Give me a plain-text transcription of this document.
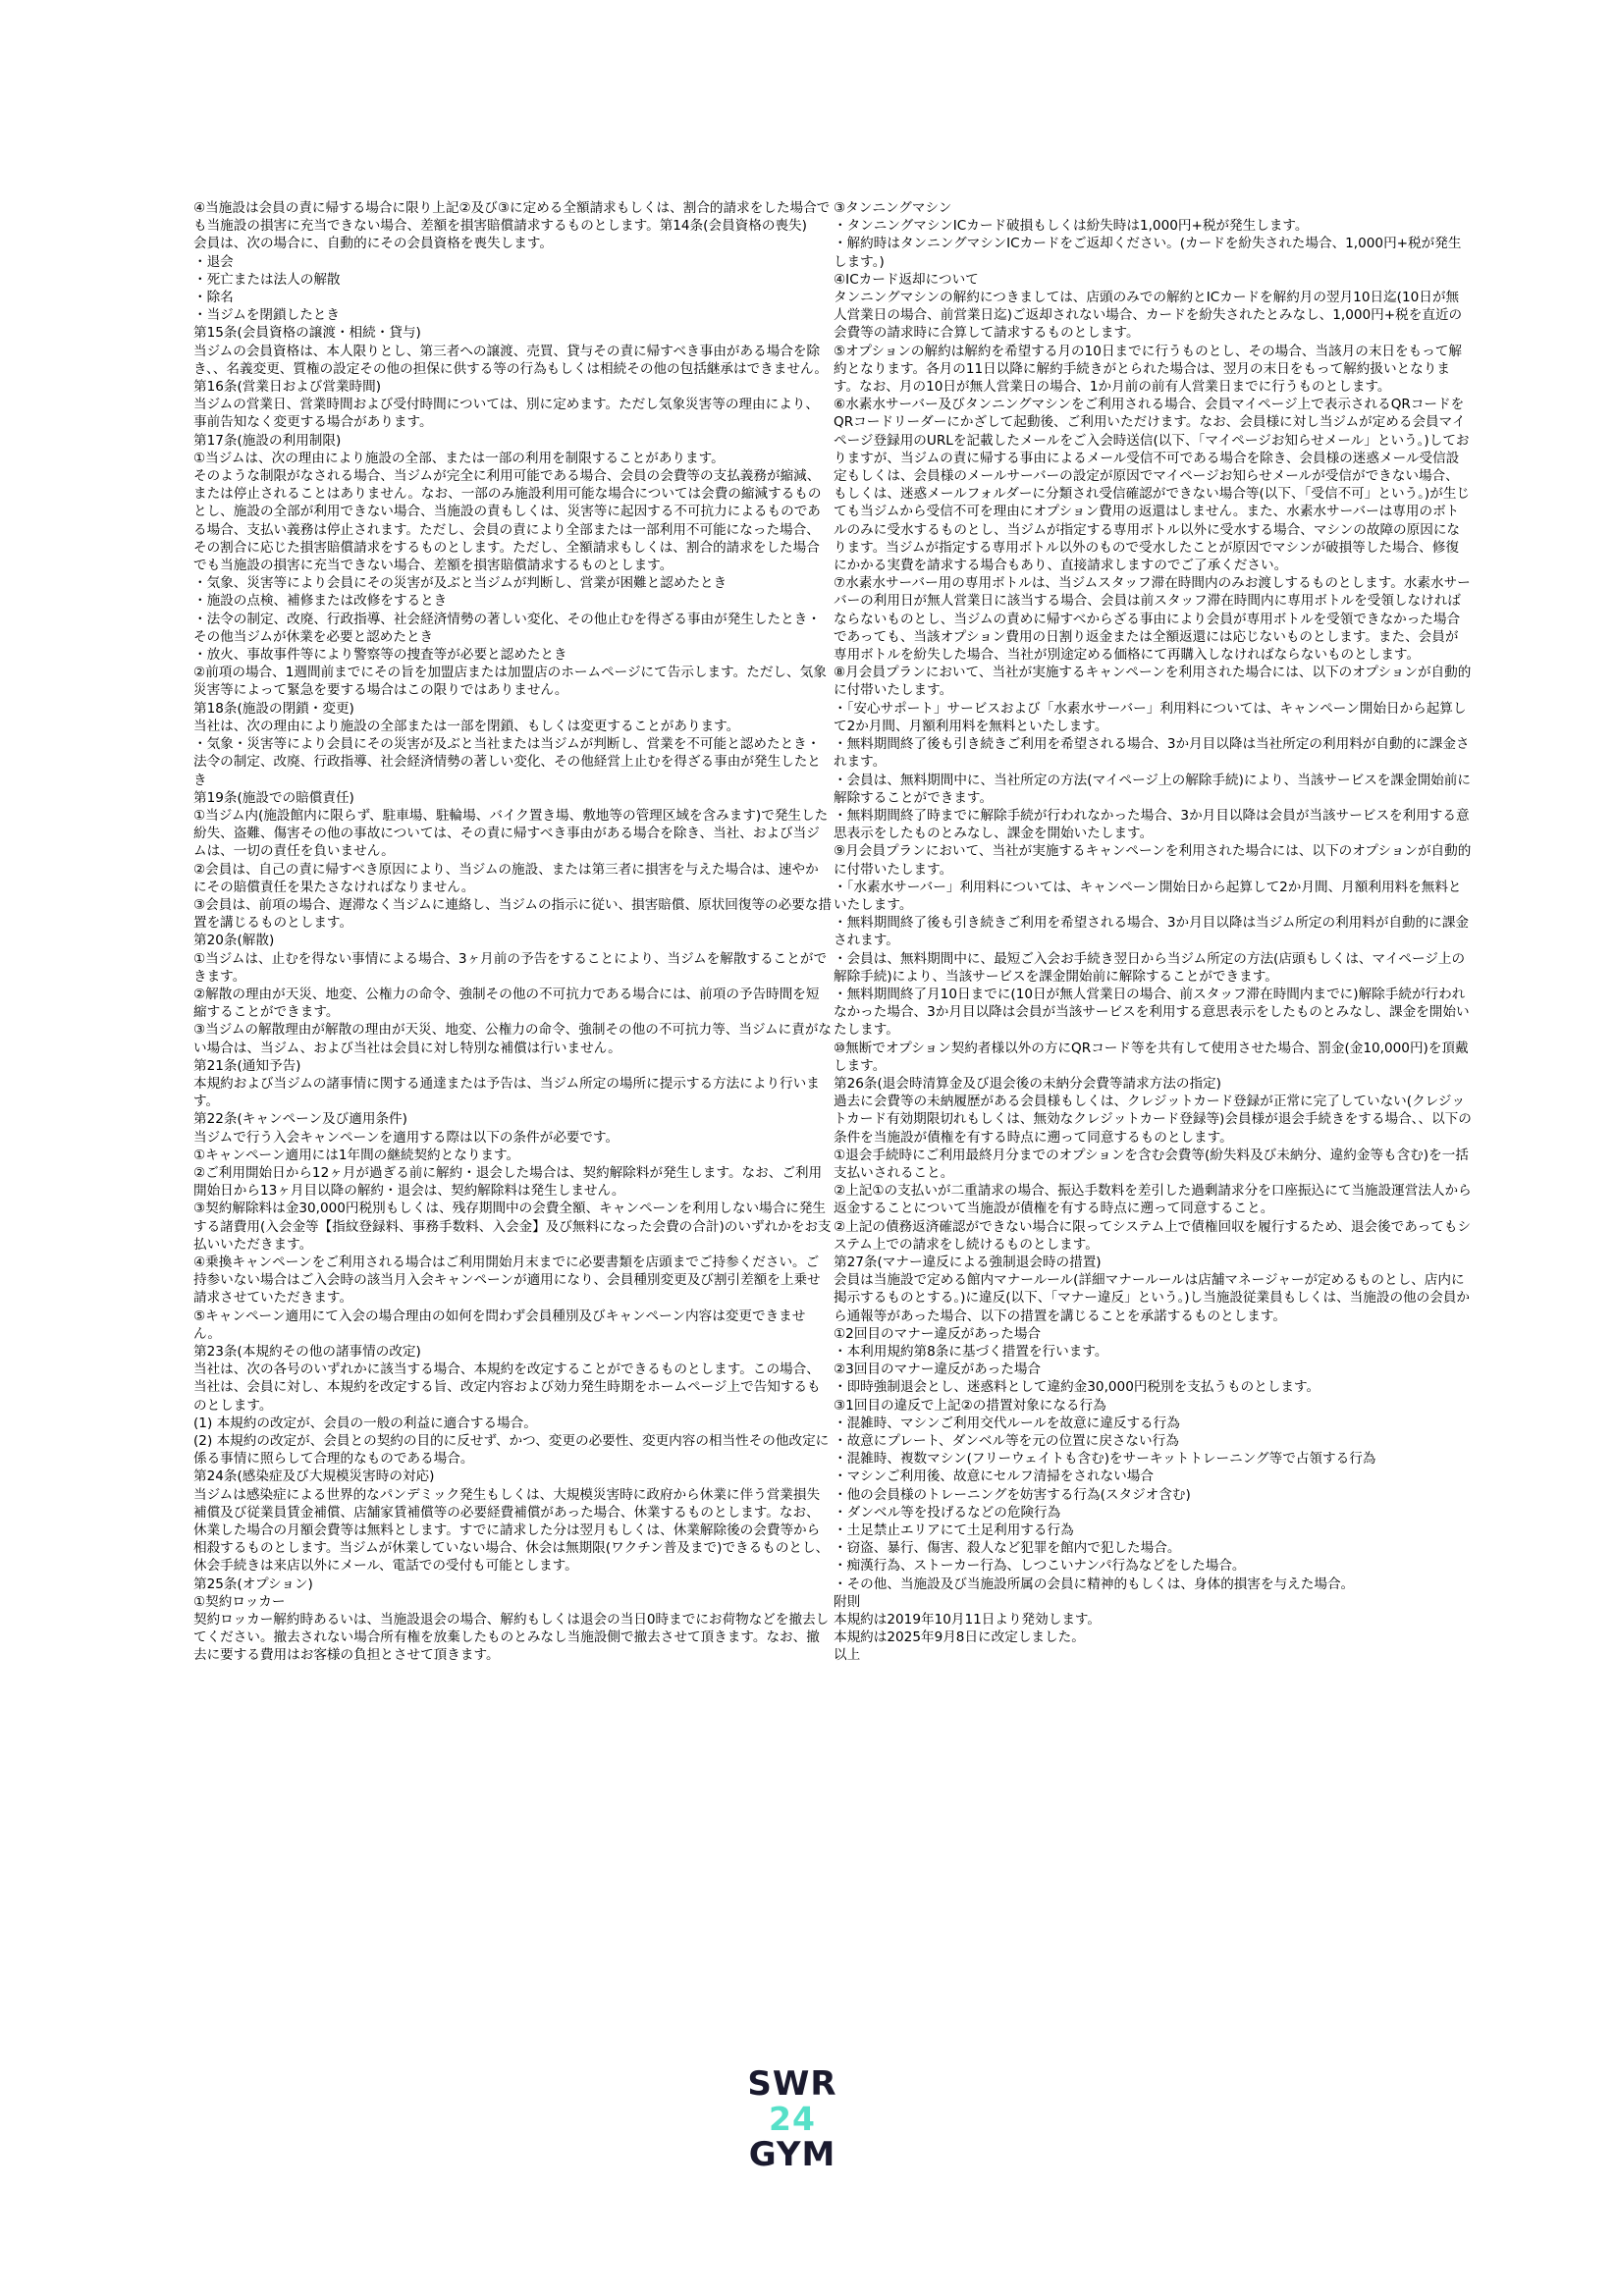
④当施設は会員の責に帰する場合に限り上記②及び③に定める全額請求もしくは、割合的請求をした場合でも当施設の損害に充当できない場合、差額を損害賠償請求するものとします。第14条(会員資格の喪失)
会員は、次の場合に、自動的にその会員資格を喪失します。
・退会
・死亡または法人の解散
・除名
・当ジムを閉鎖したとき
第15条(会員資格の譲渡・相続・貸与)
当ジムの会員資格は、本人限りとし、第三者への譲渡、売買、貸与その責に帰すべき事由がある場合を除き、、名義変更、質権の設定その他の担保に供する等の行為もしくは相続その他の包括継承はできません。
第16条(営業日および営業時間)
当ジムの営業日、営業時間および受付時間については、別に定めます。ただし気象災害等の理由により、事前告知なく変更する場合があります。
第17条(施設の利用制限)
①当ジムは、次の理由により施設の全部、または一部の利用を制限することがあります。
そのような制限がなされる場合、当ジムが完全に利用可能である場合、会員の会費等の支払義務が縮減、または停止されることはありません。なお、一部のみ施設利用可能な場合については会費の縮減するものとし、施設の全部が利用できない場合、当施設の責もしくは、災害等に起因する不可抗力によるものである場合、支払い義務は停止されます。ただし、会員の責により全部または一部利用不可能になった場合、その割合に応じた損害賠償請求をするものとします。ただし、全額請求もしくは、割合的請求をした場合でも当施設の損害に充当できない場合、差額を損害賠償請求するものとします。
・気象、災害等により会員にその災害が及ぶと当ジムが判断し、営業が困難と認めたとき
・施設の点検、補修または改修をするとき
・法令の制定、改廃、行政指導、社会経済情勢の著しい変化、その他止むを得ざる事由が発生したとき・その他当ジムが休業を必要と認めたとき
・放火、事故事件等により警察等の捜査等が必要と認めたとき
②前項の場合、1週間前までにその旨を加盟店または加盟店のホームページにて告示します。ただし、気象災害等によって緊急を要する場合はこの限りではありません。
第18条(施設の閉鎖・変更)
当社は、次の理由により施設の全部または一部を閉鎖、もしくは変更することがあります。
・気象・災害等により会員にその災害が及ぶと当社または当ジムが判断し、営業を不可能と認めたとき・法令の制定、改廃、行政指導、社会経済情勢の著しい変化、その他経営上止むを得ざる事由が発生したとき
第19条(施設での賠償責任)
①当ジム内(施設館内に限らず、駐車場、駐輪場、バイク置き場、敷地等の管理区域を含みます)で発生した紛失、盗難、傷害その他の事故については、その責に帰すべき事由がある場合を除き、当社、および当ジムは、一切の責任を負いません。
②会員は、自己の責に帰すべき原因により、当ジムの施設、または第三者に損害を与えた場合は、速やかにその賠償責任を果たさなければなりません。
③会員は、前項の場合、遅滞なく当ジムに連絡し、当ジムの指示に従い、損害賠償、原状回復等の必要な措置を講じるものとします。
第20条(解散)
①当ジムは、止むを得ない事情による場合、3ヶ月前の予告をすることにより、当ジムを解散することができます。
②解散の理由が天災、地変、公権力の命令、強制その他の不可抗力である場合には、前項の予告時間を短縮することができます。
③当ジムの解散理由が解散の理由が天災、地変、公権力の命令、強制その他の不可抗力等、当ジムに責がない場合は、当ジム、および当社は会員に対し特別な補償は行いません。
第21条(通知予告)
本規約および当ジムの諸事情に関する通達または予告は、当ジム所定の場所に提示する方法により行います。
第22条(キャンペーン及び適用条件)
当ジムで行う入会キャンペーンを適用する際は以下の条件が必要です。
①キャンペーン適用には1年間の継続契約となります。
②ご利用開始日から12ヶ月が過ぎる前に解約・退会した場合は、契約解除料が発生します。なお、ご利用開始日から13ヶ月目以降の解約・退会は、契約解除料は発生しません。
③契約解除料は金30,000円税別もしくは、残存期間中の会費全額、キャンペーンを利用しない場合に発生する諸費用(入会金等【指紋登録料、事務手数料、入会金】及び無料になった会費の合計)のいずれかをお支払いいただきます。
④乗換キャンペーンをご利用される場合はご利用開始月末までに必要書類を店頭までご持参ください。ご持参いない場合はご入会時の該当月入会キャンペーンが適用になり、会員種別変更及び割引差額を上乗せ請求させていただきます。
⑤キャンペーン適用にて入会の場合理由の如何を問わず会員種別及びキャンペーン内容は変更できません。
第23条(本規約その他の諸事情の改定)
当社は、次の各号のいずれかに該当する場合、本規約を改定することができるものとします。この場合、当社は、会員に対し、本規約を改定する旨、改定内容および効力発生時期をホームページ上で告知するものとします。
(1) 本規約の改定が、会員の一般の利益に適合する場合。
(2) 本規約の改定が、会員との契約の目的に反せず、かつ、変更の必要性、変更内容の相当性その他改定に係る事情に照らして合理的なものである場合。
第24条(感染症及び大規模災害時の対応)
当ジムは感染症による世界的なパンデミック発生もしくは、大規模災害時に政府から休業に伴う営業損失補償及び従業員賃金補償、店舗家賃補償等の必要経費補償があった場合、休業するものとします。なお、休業した場合の月額会費等は無料とします。すでに請求した分は翌月もしくは、休業解除後の会費等から相殺するものとします。当ジムが休業していない場合、休会は無期限(ワクチン普及まで)できるものとし、休会手続きは来店以外にメール、電話での受付も可能とします。
第25条(オプション)
①契約ロッカー
契約ロッカー解約時あるいは、当施設退会の場合、解約もしくは退会の当日0時までにお荷物などを撤去してください。撤去されない場合所有権を放棄したものとみなし当施設側で撤去させて頂きます。なお、撤去に要する費用はお客様の負担とさせて頂きます。
③タンニングマシン
・タンニングマシンICカード破損もしくは紛失時は1,000円+税が発生します。
・解約時はタンニングマシンICカードをご返却ください。(カードを紛失された場合、1,000円+税が発生します。)
④ICカード返却について
タンニングマシンの解約につきましては、店頭のみでの解約とICカードを解約月の翌月10日迄(10日が無人営業日の場合、前営業日迄)ご返却されない場合、カードを紛失されたとみなし、1,000円+税を直近の会費等の請求時に合算して請求するものとします。
⑤オプションの解約は解約を希望する月の10日までに行うものとし、その場合、当該月の末日をもって解約となります。各月の11日以降に解約手続きがとられた場合は、翌月の末日をもって解約扱いとなります。なお、月の10日が無人営業日の場合、1か月前の前有人営業日までに行うものとします。
⑥水素水サーバー及びタンニングマシンをご利用される場合、会員マイページ上で表示されるQRコードをQRコードリーダーにかざして起動後、ご利用いただけます。なお、会員様に対し当ジムが定める会員マイページ登録用のURLを記載したメールをご入会時送信(以下、「マイページお知らせメール」という。)しておりますが、当ジムの責に帰する事由によるメール受信不可である場合を除き、会員様の迷惑メール受信設定もしくは、会員様のメールサーバーの設定が原因でマイページお知らせメールが受信ができない場合、もしくは、迷惑メールフォルダーに分類され受信確認ができない場合等(以下、「受信不可」という。)が生じても当ジムから受信不可を理由にオプション費用の返還はしません。また、水素水サーバーは専用のボトルのみに受水するものとし、当ジムが指定する専用ボトル以外に受水する場合、マシンの故障の原因になります。当ジムが指定する専用ボトル以外のもので受水したことが原因でマシンが破損等した場合、修復にかかる実費を請求する場合もあり、直接請求しますのでご了承ください。
⑦水素水サーバー用の専用ボトルは、当ジムスタッフ滞在時間内のみお渡しするものとします。水素水サーバーの利用日が無人営業日に該当する場合、会員は前スタッフ滞在時間内に専用ボトルを受領しなければならないものとし、当ジムの責めに帰すべからざる事由により会員が専用ボトルを受領できなかった場合であっても、当該オプション費用の日割り返金または全額返還には応じないものとします。また、会員が専用ボトルを紛失した場合、当社が別途定める価格にて再購入しなければならないものとします。
⑧月会員プランにおいて、当社が実施するキャンペーンを利用された場合には、以下のオプションが自動的に付帯いたします。
・「安心サポート」サービスおよび「水素水サーバー」利用料については、キャンペーン開始日から起算して2か月間、月額利用料を無料といたします。
・無料期間終了後も引き続きご利用を希望される場合、3か月目以降は当社所定の利用料が自動的に課金されます。
・会員は、無料期間中に、当社所定の方法(マイページ上の解除手続)により、当該サービスを課金開始前に解除することができます。
・無料期間終了時までに解除手続が行われなかった場合、3か月目以降は会員が当該サービスを利用する意思表示をしたものとみなし、課金を開始いたします。
⑨月会員プランにおいて、当社が実施するキャンペーンを利用された場合には、以下のオプションが自動的に付帯いたします。
・「水素水サーバー」利用料については、キャンペーン開始日から起算して2か月間、月額利用料を無料といたします。
・無料期間終了後も引き続きご利用を希望される場合、3か月目以降は当ジム所定の利用料が自動的に課金されます。
・会員は、無料期間中に、最短ご入会お手続き翌日から当ジム所定の方法(店頭もしくは、マイページ上の解除手続)により、当該サービスを課金開始前に解除することができます。
・無料期間終了月10日までに(10日が無人営業日の場合、前スタッフ滞在時間内までに)解除手続が行われなかった場合、3か月目以降は会員が当該サービスを利用する意思表示をしたものとみなし、課金を開始いたします。
⑩無断でオプション契約者様以外の方にQRコード等を共有して使用させた場合、罰金(金10,000円)を頂戴します。
第26条(退会時清算金及び退会後の未納分会費等請求方法の指定)
過去に会費等の未納履歴がある会員様もしくは、クレジットカード登録が正常に完了していない(クレジットカード有効期限切れもしくは、無効なクレジットカード登録等)会員様が退会手続きをする場合、、以下の条件を当施設が債権を有する時点に遡って同意するものとします。
①退会手続時にご利用最終月分までのオプションを含む会費等(紛失料及び未納分、違約金等も含む)を一括支払いされること。
②上記①の支払いが二重請求の場合、振込手数料を差引した過剰請求分を口座振込にて当施設運営法人から返金することについて当施設が債権を有する時点に遡って同意すること。
②上記の債務返済確認ができない場合に限ってシステム上で債権回収を履行するため、退会後であってもシステム上での請求をし続けるものとします。
第27条(マナー違反による強制退会時の措置)
会員は当施設で定める館内マナールール(詳細マナールールは店舗マネージャーが定めるものとし、店内に掲示するものとする。)に違反(以下、「マナー違反」という。)し当施設従業員もしくは、当施設の他の会員から通報等があった場合、以下の措置を講じることを承諾するものとします。
①2回目のマナー違反があった場合
・本利用規約第8条に基づく措置を行います。
②3回目のマナー違反があった場合
・即時強制退会とし、迷惑料として違約金30,000円税別を支払うものとします。
③1回目の違反で上記②の措置対象になる行為
・混雑時、マシンご利用交代ルールを故意に違反する行為
・故意にプレート、ダンベル等を元の位置に戻さない行為
・混雑時、複数マシン(フリーウェイトも含む)をサーキットトレーニング等で占領する行為
・マシンご利用後、故意にセルフ清掃をされない場合
・他の会員様のトレーニングを妨害する行為(スタジオ含む)
・ダンベル等を投げるなどの危険行為
・土足禁止エリアにて土足利用する行為
・窃盗、暴行、傷害、殺人など犯罪を館内で犯した場合。
・痴漢行為、ストーカー行為、しつこいナンパ行為などをした場合。
・その他、当施設及び当施設所属の会員に精神的もしくは、身体的損害を与えた場合。
附則
本規約は2019年10月11日より発効します。
本規約は2025年9月8日に改定しました。
以上
SWR
24
GYM
